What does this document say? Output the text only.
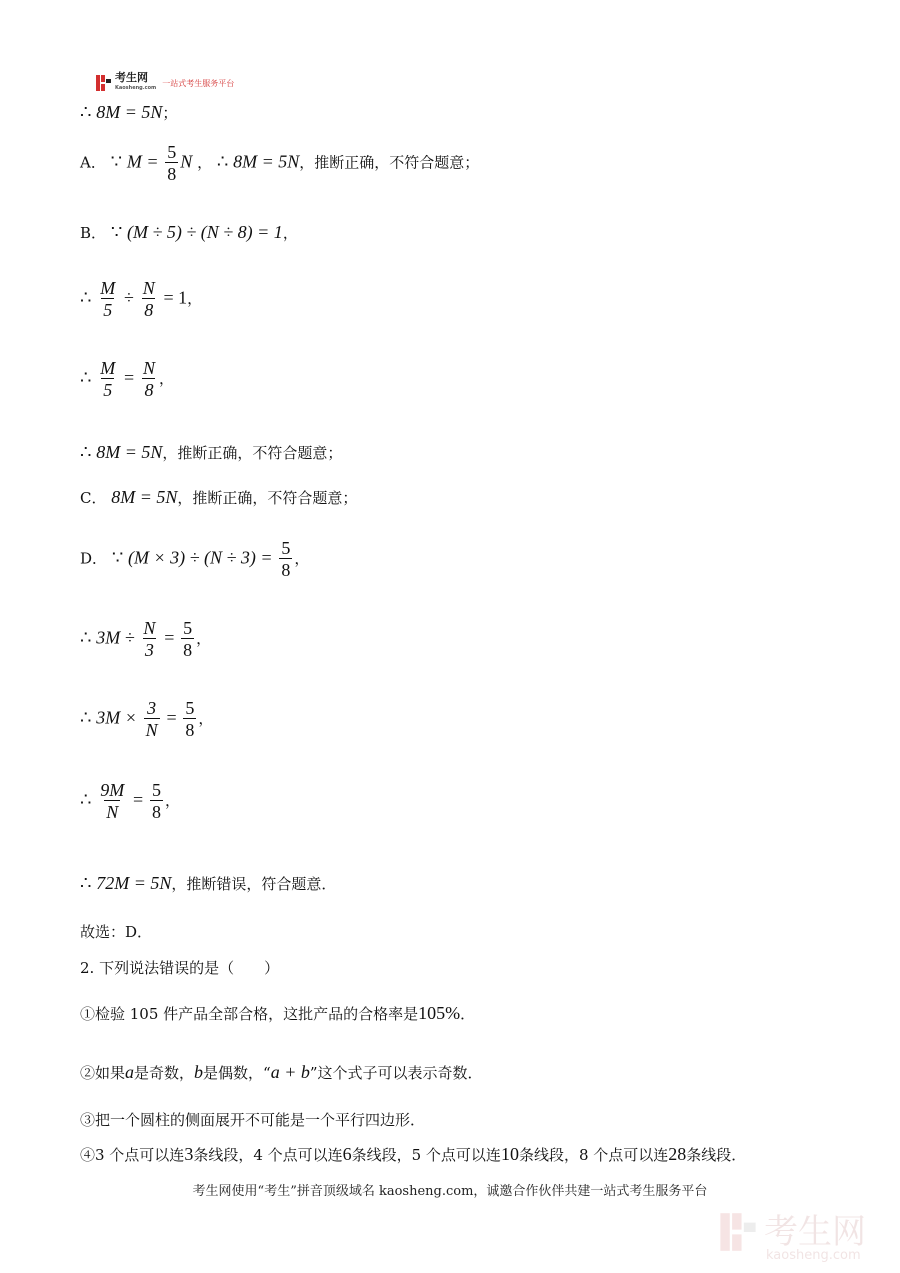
考生网
Kaosheng.com
一站式考生服务平台
∴ 8M = 5N；
A． ∵ $M = \frac{5}{8}$ N ， ∴ 8M = 5N，推断正确，不符合题意；
B． ∵ (M ÷ 5) ÷ (N ÷ 8) = 1，
∴ $\frac{M}{5} \div \frac{N}{8} = 1$，
∴ $\frac{M}{5} = \frac{N}{8}$ ，
∴ 8M = 5N，推断正确，不符合题意；
C． 8M = 5N，推断正确，不符合题意；
D． ∵ $(M \times 3) \div (N \div 3) = \frac{5}{8}$ ，
∴ $3M \div \frac{N}{3} = \frac{5}{8}$ ，
∴ $3M \times \frac{3}{N} = \frac{5}{8}$ ，
∴ $\frac{9M}{N} = \frac{5}{8}$ ，
∴ 72M = 5N，推断错误，符合题意．
故选：D．
2. 下列说法错误的是（　　）
①检验 105 件产品全部合格，这批产品的合格率是105%．
②如果a是奇数，b是偶数，“a + b”这个式子可以表示奇数．
③把一个圆柱的侧面展开不可能是一个平行四边形．
④3 个点可以连3条线段，4 个点可以连6条线段，5 个点可以连10条线段，8 个点可以连28条线段．
考生网使用“考生”拼音顶级域名 kaosheng.com，诚邀合作伙伴共建一站式考生服务平台
考生网
kaosheng.com
